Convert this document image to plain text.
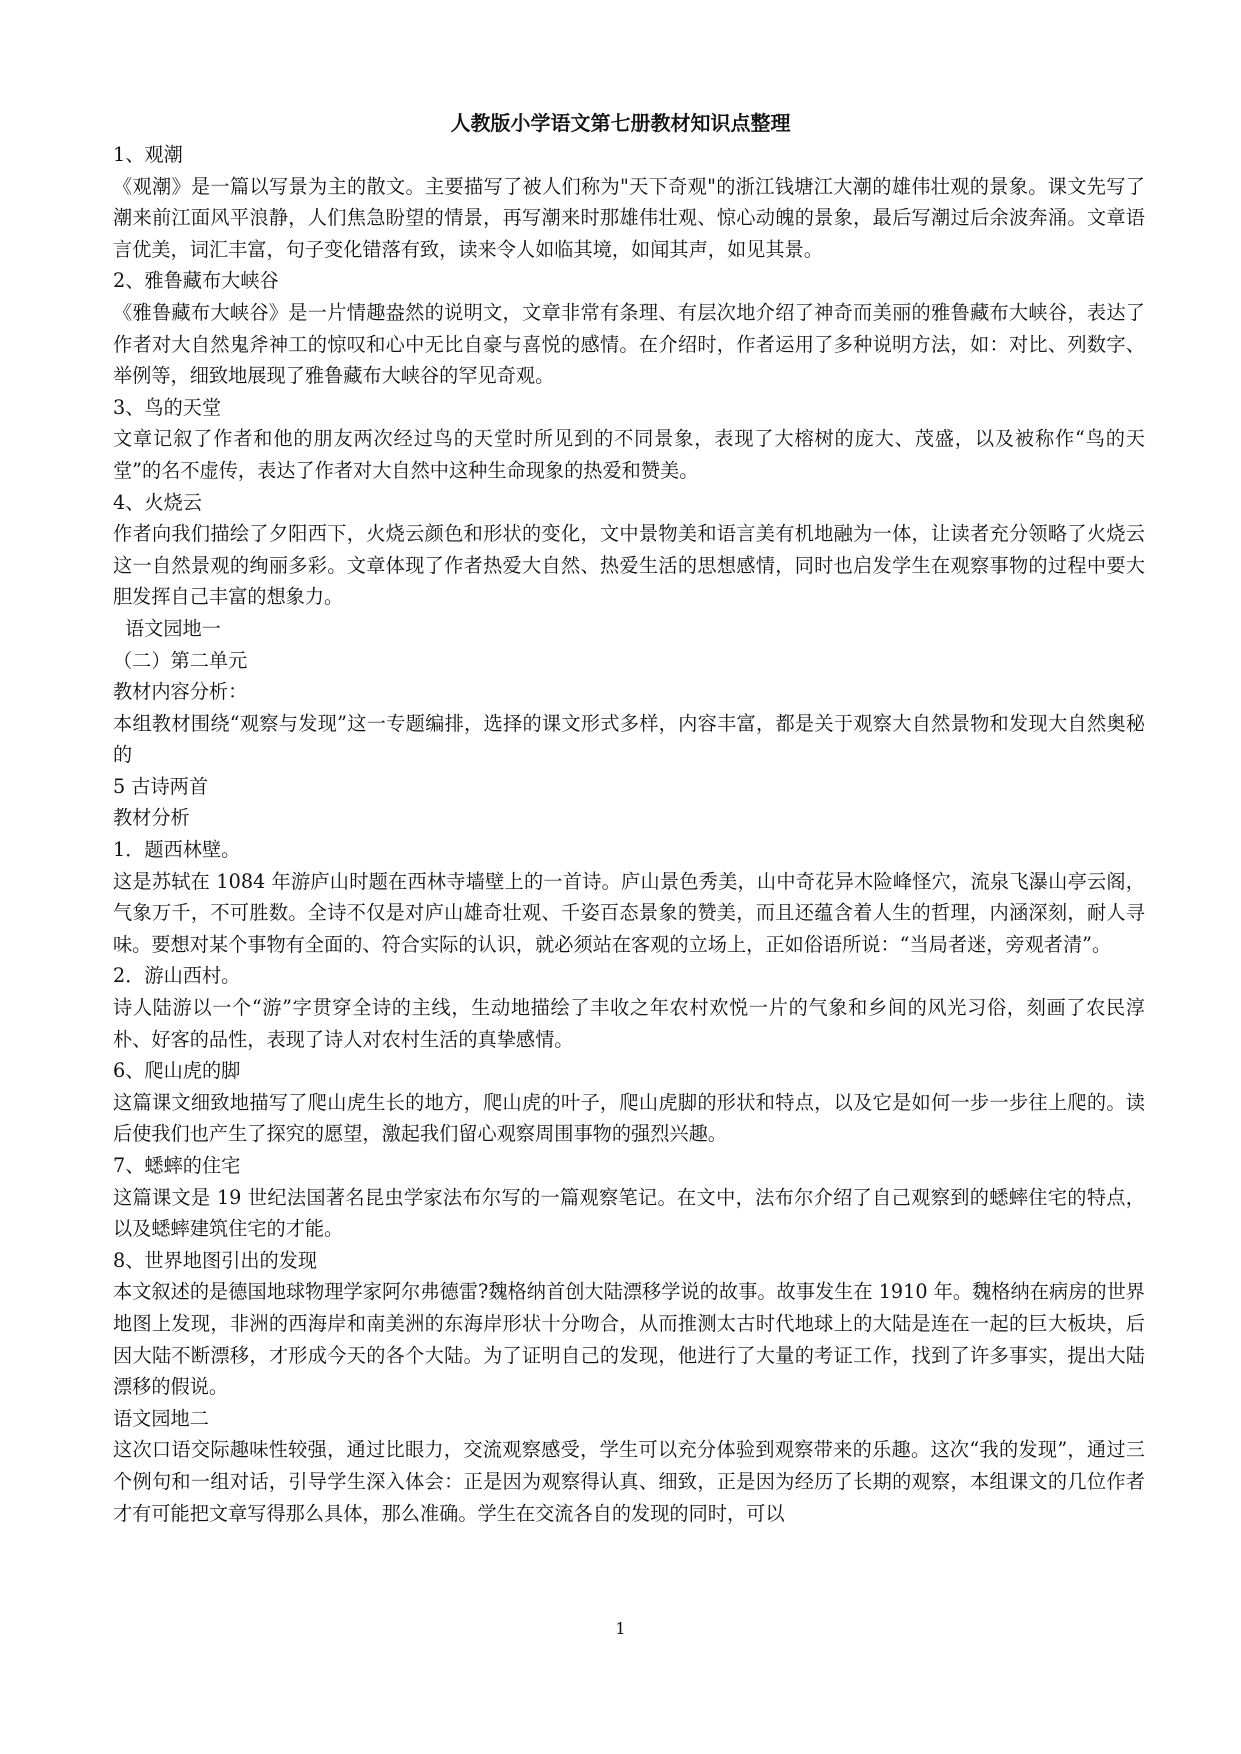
人教版小学语文第七册教材知识点整理

1、观潮

《观潮》是一篇以写景为主的散文。主要描写了被人们称为"天下奇观"的浙江钱塘江大潮的雄伟壮观的景象。课文先写了潮来前江面风平浪静，人们焦急盼望的情景，再写潮来时那雄伟壮观、惊心动魄的景象，最后写潮过后余波奔涌。文章语言优美，词汇丰富，句子变化错落有致，读来令人如临其境，如闻其声，如见其景。

2、雅鲁藏布大峡谷

《雅鲁藏布大峡谷》是一片情趣盎然的说明文，文章非常有条理、有层次地介绍了神奇而美丽的雅鲁藏布大峡谷，表达了作者对大自然鬼斧神工的惊叹和心中无比自豪与喜悦的感情。在介绍时，作者运用了多种说明方法，如：对比、列数字、举例等，细致地展现了雅鲁藏布大峡谷的罕见奇观。

3、鸟的天堂

文章记叙了作者和他的朋友两次经过鸟的天堂时所见到的不同景象，表现了大榕树的庞大、茂盛，以及被称作“鸟的天堂”的名不虚传，表达了作者对大自然中这种生命现象的热爱和赞美。

4、火烧云

作者向我们描绘了夕阳西下，火烧云颜色和形状的变化，文中景物美和语言美有机地融为一体，让读者充分领略了火烧云这一自然景观的绚丽多彩。文章体现了作者热爱大自然、热爱生活的思想感情，同时也启发学生在观察事物的过程中要大胆发挥自己丰富的想象力。

语文园地一

（二）第二单元

教材内容分析：

本组教材围绕“观察与发现”这一专题编排，选择的课文形式多样，内容丰富，都是关于观察大自然景物和发现大自然奥秘的

5 古诗两首

教材分析

1．题西林壁。

这是苏轼在 1084 年游庐山时题在西林寺墙壁上的一首诗。庐山景色秀美，山中奇花异木险峰怪穴，流泉飞瀑山亭云阁，气象万千，不可胜数。全诗不仅是对庐山雄奇壮观、千姿百态景象的赞美，而且还蕴含着人生的哲理，内涵深刻，耐人寻味。要想对某个事物有全面的、符合实际的认识，就必须站在客观的立场上，正如俗语所说：“当局者迷，旁观者清”。

2．游山西村。

诗人陆游以一个“游”字贯穿全诗的主线，生动地描绘了丰收之年农村欢悦一片的气象和乡间的风光习俗，刻画了农民淳朴、好客的品性，表现了诗人对农村生活的真挚感情。

6、爬山虎的脚

这篇课文细致地描写了爬山虎生长的地方，爬山虎的叶子，爬山虎脚的形状和特点，以及它是如何一步一步往上爬的。读后使我们也产生了探究的愿望，激起我们留心观察周围事物的强烈兴趣。

7、蟋蟀的住宅

这篇课文是 19 世纪法国著名昆虫学家法布尔写的一篇观察笔记。在文中，法布尔介绍了自己观察到的蟋蟀住宅的特点，以及蟋蟀建筑住宅的才能。

8、世界地图引出的发现

本文叙述的是德国地球物理学家阿尔弗德雷?魏格纳首创大陆漂移学说的故事。故事发生在 1910 年。魏格纳在病房的世界地图上发现，非洲的西海岸和南美洲的东海岸形状十分吻合，从而推测太古时代地球上的大陆是连在一起的巨大板块，后因大陆不断漂移，才形成今天的各个大陆。为了证明自己的发现，他进行了大量的考证工作，找到了许多事实，提出大陆漂移的假说。

语文园地二

这次口语交际趣味性较强，通过比眼力，交流观察感受，学生可以充分体验到观察带来的乐趣。这次“我的发现”，通过三个例句和一组对话，引导学生深入体会：正是因为观察得认真、细致，正是因为经历了长期的观察，本组课文的几位作者才有可能把文章写得那么具体，那么准确。学生在交流各自的发现的同时，可以

1
